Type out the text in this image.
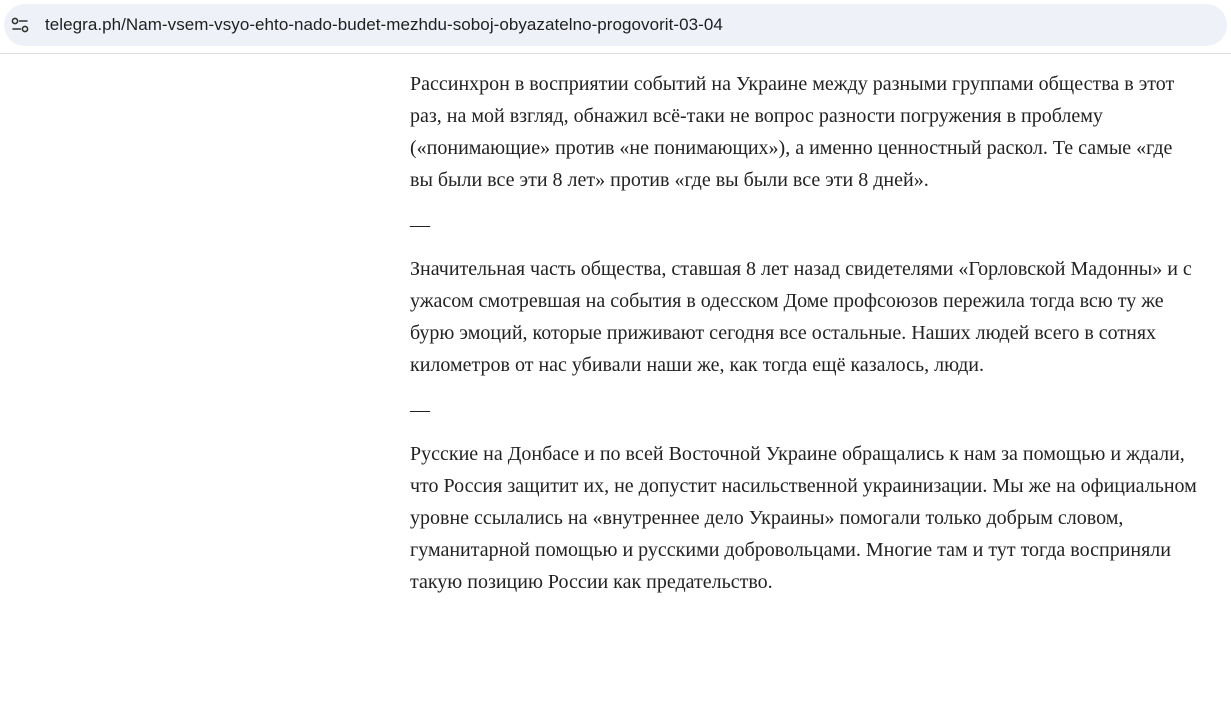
telegra.ph/Nam-vsem-vsyo-ehto-nado-budet-mezhdu-soboj-obyazatelno-progovorit-03-04

Рассинхрон в восприятии событий на Украине между разными группами общества в этот раз, на мой взгляд, обнажил всё-таки не вопрос разности погружения в проблему («понимающие» против «не понимающих»), а именно ценностный раскол. Те самые «где вы были все эти 8 лет» против «где вы были все эти 8 дней».

—

Значительная часть общества, ставшая 8 лет назад свидетелями «Горловской Мадонны» и с ужасом смотревшая на события в одесском Доме профсоюзов пережила тогда всю ту же бурю эмоций, которые приживают сегодня все остальные. Наших людей всего в сотнях километров от нас убивали наши же, как тогда ещё казалось, люди.

—

Русские на Донбасе и по всей Восточной Украине обращались к нам за помощью и ждали, что Россия защитит их, не допустит насильственной украинизации. Мы же на официальном уровне ссылались на «внутреннее дело Украины» помогали только добрым словом, гуманитарной помощью и русскими добровольцами. Многие там и тут тогда восприняли такую позицию России как предательство.
